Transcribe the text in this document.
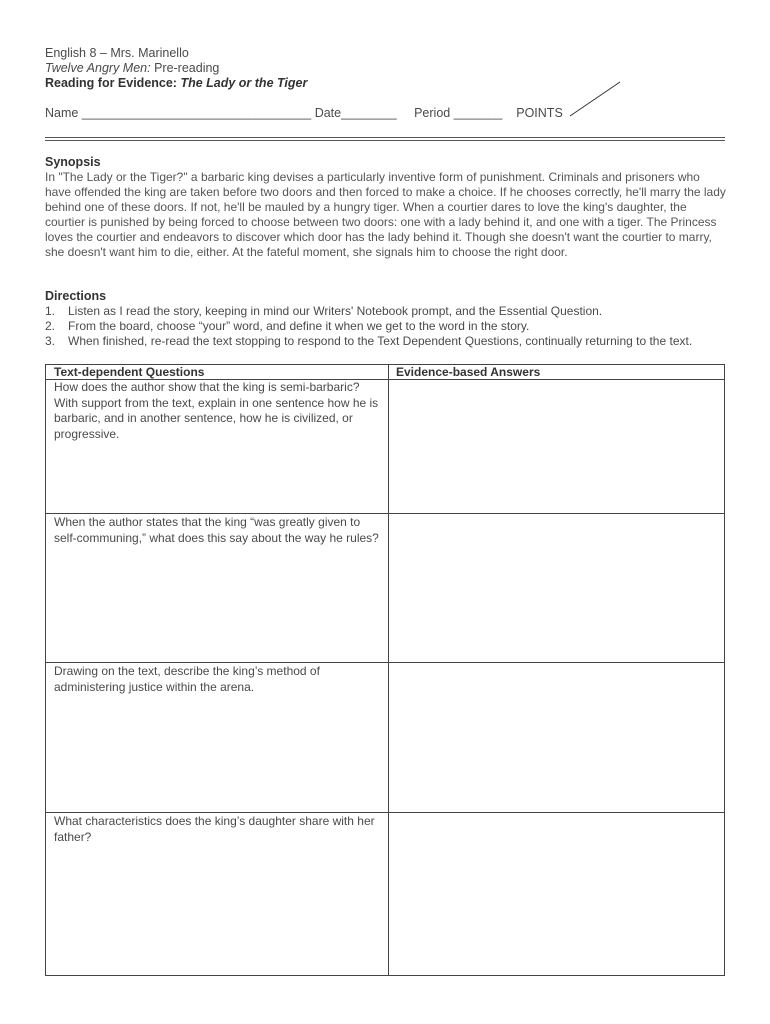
English 8 – Mrs. Marinello
Twelve Angry Men: Pre-reading
Reading for Evidence: The Lady or the Tiger
Name _________________________________ Date________     Period _______    POINTS
Synopsis
In "The Lady or the Tiger?" a barbaric king devises a particularly inventive form of punishment. Criminals and prisoners who have offended the king are taken before two doors and then forced to make a choice. If he chooses correctly, he'll marry the lady behind one of these doors. If not, he'll be mauled by a hungry tiger. When a courtier dares to love the king's daughter, the courtier is punished by being forced to choose between two doors: one with a lady behind it, and one with a tiger. The Princess loves the courtier and endeavors to discover which door has the lady behind it. Though she doesn't want the courtier to marry, she doesn't want him to die, either. At the fateful moment, she signals him to choose the right door.
Directions
1. Listen as I read the story, keeping in mind our Writers' Notebook prompt, and the Essential Question.
2. From the board, choose “your” word, and define it when we get to the word in the story.
3. When finished, re-read the text stopping to respond to the Text Dependent Questions, continually returning to the text.
Text-dependent Questions	Evidence-based Answers
How does the author show that the king is semi-barbaric? With support from the text, explain in one sentence how he is barbaric, and in another sentence, how he is civilized, or progressive.
When the author states that the king “was greatly given to self-communing,” what does this say about the way he rules?
Drawing on the text, describe the king’s method of administering justice within the arena.
What characteristics does the king’s daughter share with her father?
